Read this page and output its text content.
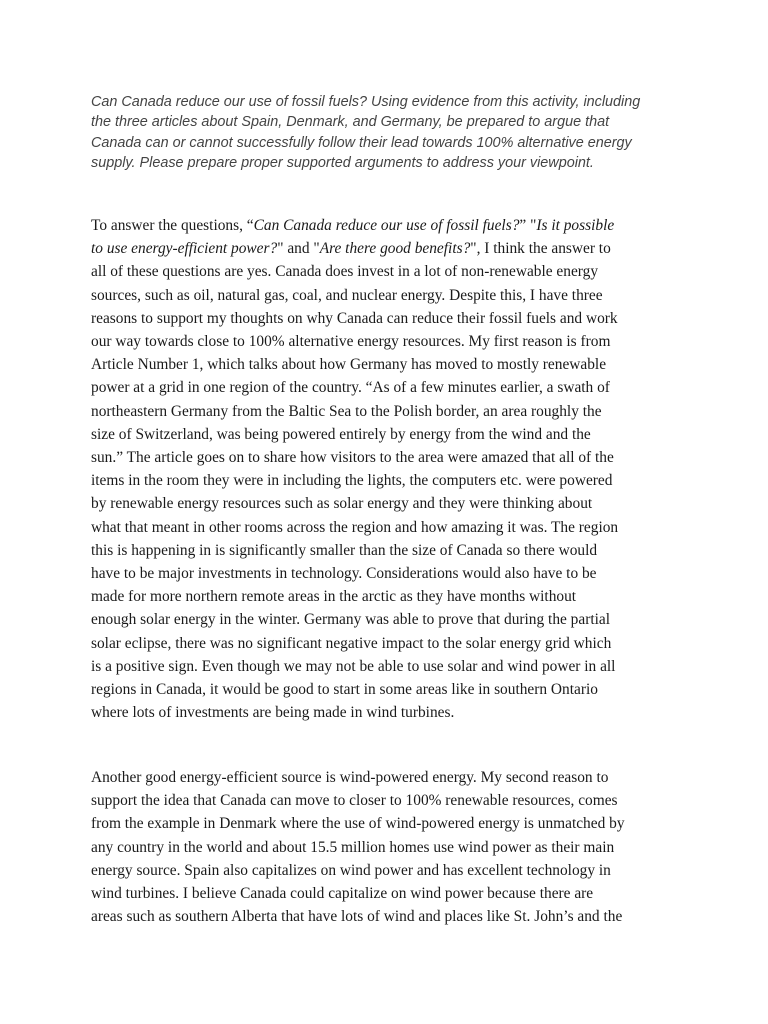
Can Canada reduce our use of fossil fuels? Using evidence from this activity, including
the three articles about Spain, Denmark, and Germany, be prepared to argue that
Canada can or cannot successfully follow their lead towards 100% alternative energy
supply. Please prepare proper supported arguments to address your viewpoint.
To answer the questions, “Can Canada reduce our use of fossil fuels?” "Is it possible
to use energy-efficient power?" and "Are there good benefits?", I think the answer to
all of these questions are yes. Canada does invest in a lot of non-renewable energy
sources, such as oil, natural gas, coal, and nuclear energy. Despite this, I have three
reasons to support my thoughts on why Canada can reduce their fossil fuels and work
our way towards close to 100% alternative energy resources. My first reason is from
Article Number 1, which talks about how Germany has moved to mostly renewable
power at a grid in one region of the country. “As of a few minutes earlier, a swath of
northeastern Germany from the Baltic Sea to the Polish border, an area roughly the
size of Switzerland, was being powered entirely by energy from the wind and the
sun.” The article goes on to share how visitors to the area were amazed that all of the
items in the room they were in including the lights, the computers etc. were powered
by renewable energy resources such as solar energy and they were thinking about
what that meant in other rooms across the region and how amazing it was. The region
this is happening in is significantly smaller than the size of Canada so there would
have to be major investments in technology. Considerations would also have to be
made for more northern remote areas in the arctic as they have months without
enough solar energy in the winter. Germany was able to prove that during the partial
solar eclipse, there was no significant negative impact to the solar energy grid which
is a positive sign. Even though we may not be able to use solar and wind power in all
regions in Canada, it would be good to start in some areas like in southern Ontario
where lots of investments are being made in wind turbines.
Another good energy-efficient source is wind-powered energy. My second reason to
support the idea that Canada can move to closer to 100% renewable resources, comes
from the example in Denmark where the use of wind-powered energy is unmatched by
any country in the world and about 15.5 million homes use wind power as their main
energy source. Spain also capitalizes on wind power and has excellent technology in
wind turbines. I believe Canada could capitalize on wind power because there are
areas such as southern Alberta that have lots of wind and places like St. John’s and the
